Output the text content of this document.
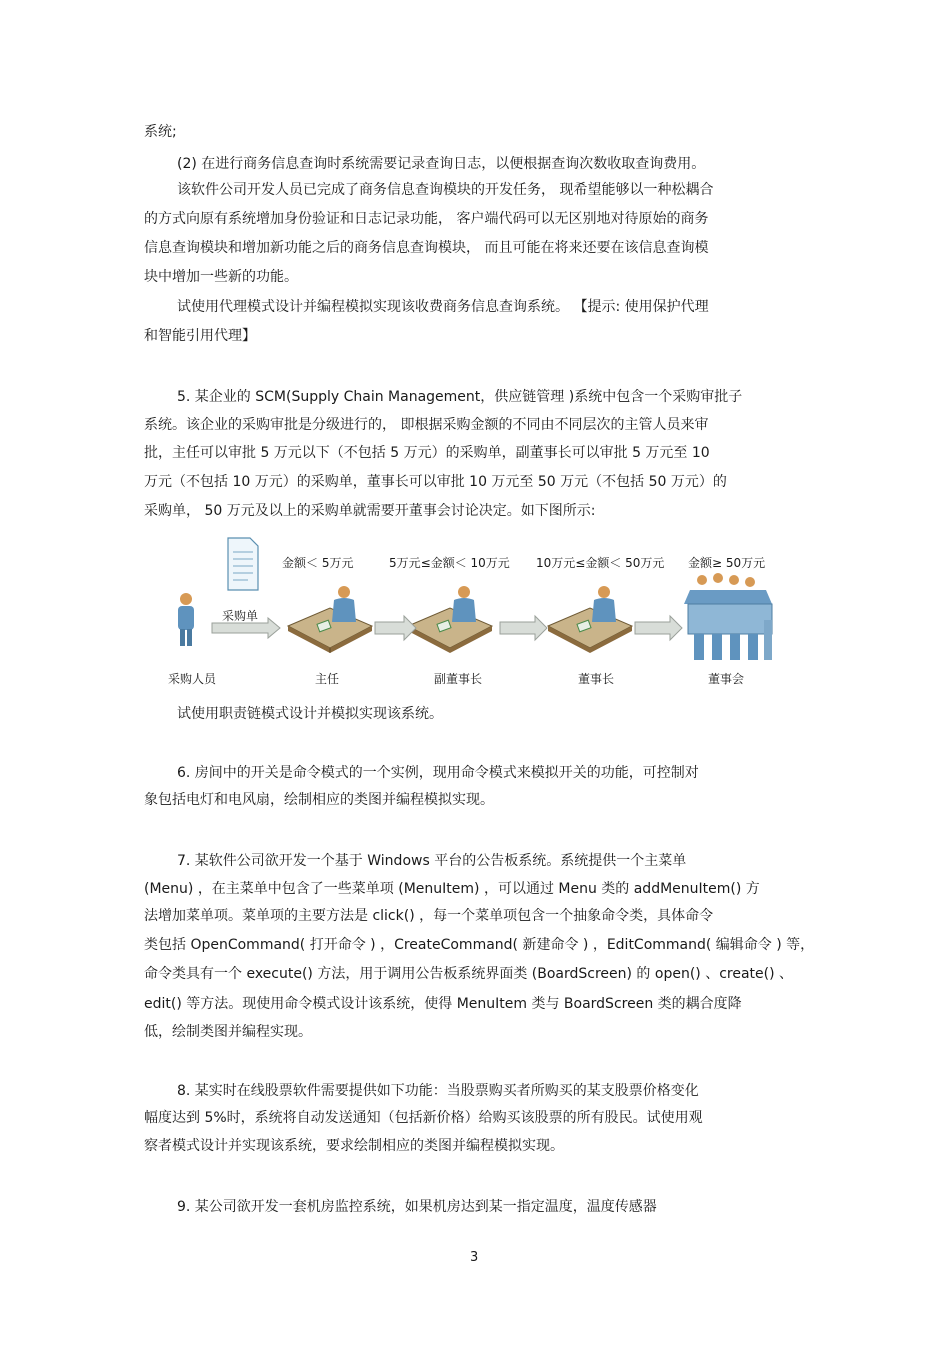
系统;
(2) 在进行商务信息查询时系统需要记录查询日志，以便根据查询次数收取查询费用。
该软件公司开发人员已完成了商务信息查询模块的开发任务， 现希望能够以一种松耦合
的方式向原有系统增加身份验证和日志记录功能， 客户端代码可以无区别地对待原始的商务
信息查询模块和增加新功能之后的商务信息查询模块， 而且可能在将来还要在该信息查询模
块中增加一些新的功能。
试使用代理模式设计并编程模拟实现该收费商务信息查询系统。 【提示: 使用保护代理
和智能引用代理】
5. 某企业的 SCM(Supply Chain Management，供应链管理 )系统中包含一个采购审批子
系统。该企业的采购审批是分级进行的， 即根据采购金额的不同由不同层次的主管人员来审
批，主任可以审批 5 万元以下（不包括 5 万元）的采购单，副董事长可以审批 5 万元至 10
万元（不包括 10 万元）的采购单，董事长可以审批 10 万元至 50 万元（不包括 50 万元）的
采购单， 50 万元及以上的采购单就需要开董事会讨论决定。如下图所示:
试使用职责链模式设计并模拟实现该系统。
6. 房间中的开关是命令模式的一个实例，现用命令模式来模拟开关的功能，可控制对
象包括电灯和电风扇，绘制相应的类图并编程模拟实现。
7. 某软件公司欲开发一个基于 Windows 平台的公告板系统。系统提供一个主菜单
(Menu) ，在主菜单中包含了一些菜单项 (MenuItem) ，可以通过 Menu 类的 addMenuItem() 方
法增加菜单项。菜单项的主要方法是 click() ，每一个菜单项包含一个抽象命令类，具体命令
类包括 OpenCommand( 打开命令 ) ，CreateCommand( 新建命令 ) ，EditCommand( 编辑命令 ) 等，
命令类具有一个 execute() 方法，用于调用公告板系统界面类 (BoardScreen) 的 open() 、create() 、
edit() 等方法。现使用命令模式设计该系统，使得 MenuItem 类与 BoardScreen 类的耦合度降
低，绘制类图并编程实现。
8. 某实时在线股票软件需要提供如下功能：当股票购买者所购买的某支股票价格变化
幅度达到 5%时，系统将自动发送通知（包括新价格）给购买该股票的所有股民。试使用观
察者模式设计并实现该系统，要求绘制相应的类图并编程模拟实现。
9. 某公司欲开发一套机房监控系统，如果机房达到某一指定温度，温度传感器
金额＜ 5万元	5万元≤金额＜ 10万元 10万元≤金额＜ 50万元 金额≥ 50万元
采购单
采购人员	主任	副董事长	董事长	董事会
3
